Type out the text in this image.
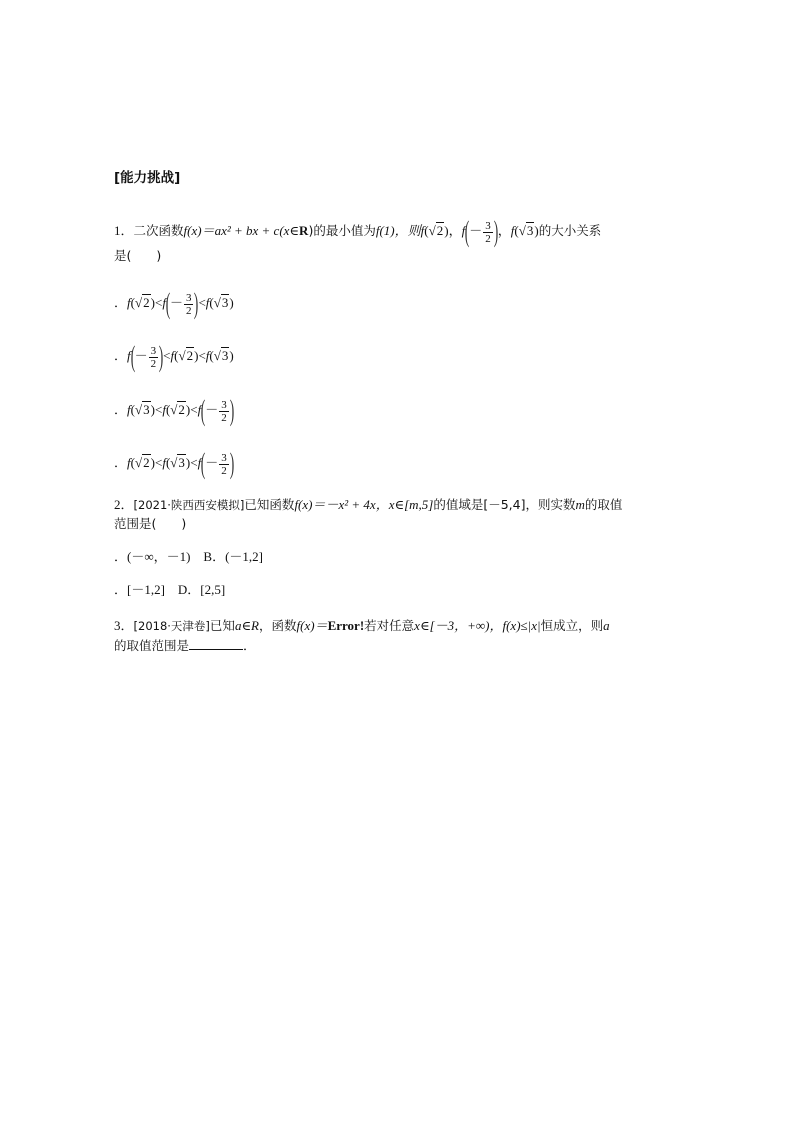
[能力挑战]
1．二次函数f(x)＝ax² + bx + c(x∈R)的最小值为f(1)，则f(√2)，$f(- \frac{3}{2}$ )，f(√3)的大小关系
是(　　)
．$f(√2)<f(- \frac{3}{2} )<f(√3)$
．$f(- \frac{3}{2} )<f(√2)<f(√3)$
．$f(√3)<f(√2)<f(- \frac{3}{2}$ )
．$f(√2)<f(√3)<f(- \frac{3}{2}$ )
2．[2021·陕西西安模拟]已知函数f(x)＝－x² + 4x，x∈[m,5]的值域是[－5,4]，则实数m的取值
范围是(　　)
．(－∞，－1)　B．(－1,2]
．[－1,2]　D．[2,5]
3．[2018·天津卷]已知a∈R，函数f(x)＝Error!若对任意x∈[－3，+∞)，f(x)≤|x|恒成立，则a
的取值范围是	．
